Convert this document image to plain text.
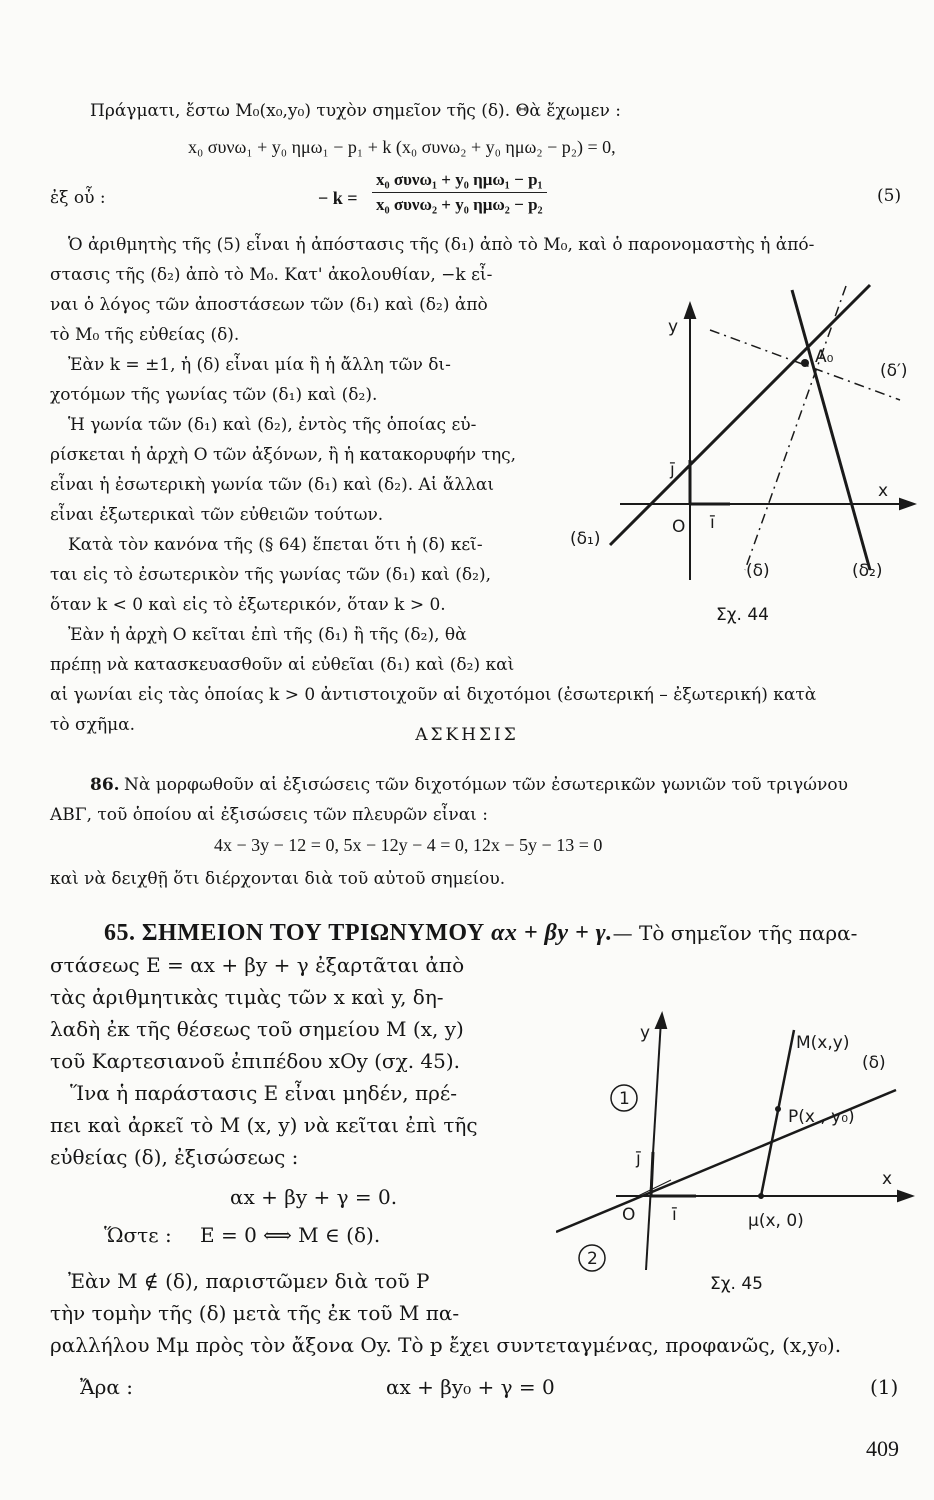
Πράγματι, ἔστω M₀(x₀,y₀) τυχὸν σημεῖον τῆς (δ). Θὰ ἔχωμεν :
x₀ συνω₁ + y₀ ημω₁ − p₁ + k (x₀ συνω₂ + y₀ ημω₂ − p₂) = 0,
ἐξ οὗ :	− k =
x₀ συνω₁ + y₀ ημω₁ − p₁
x₀ συνω₂ + y₀ ημω₂ − p₂	(5)
Ὁ ἀριθμητὴς τῆς (5) εἶναι ἡ ἀπόστασις τῆς (δ₁) ἀπὸ τὸ M₀, καὶ ὁ παρονομαστὴς ἡ ἀπό-
στασις τῆς (δ₂) ἀπὸ τὸ M₀. Κατ' ἀκολουθίαν, −k εἶ-
ναι ὁ λόγος τῶν ἀποστάσεων τῶν (δ₁) καὶ (δ₂) ἀπὸ
τὸ M₀ τῆς εὐθείας (δ).
Ἐὰν k = ±1, ἡ (δ) εἶναι μία ἢ ἡ ἄλλη τῶν δι-
χοτόμων τῆς γωνίας τῶν (δ₁) καὶ (δ₂).
Ἡ γωνία τῶν (δ₁) καὶ (δ₂), ἐντὸς τῆς ὁποίας εὑ-
ρίσκεται ἡ ἀρχὴ O τῶν ἀξόνων, ἢ ἡ κατακορυφήν της,
εἶναι ἡ ἐσωτερικὴ γωνία τῶν (δ₁) καὶ (δ₂). Αἱ ἄλλαι
εἶναι ἐξωτερικαὶ τῶν εὐθειῶν τούτων.
Κατὰ τὸν κανόνα τῆς (§ 64) ἕπεται ὅτι ἡ (δ) κεῖ-
ται εἰς τὸ ἐσωτερικὸν τῆς γωνίας τῶν (δ₁) καὶ (δ₂),
ὅταν k < 0 καὶ εἰς τὸ ἐξωτερικόν, ὅταν k > 0.
Ἐὰν ἡ ἀρχὴ O κεῖται ἐπὶ τῆς (δ₁) ἢ τῆς (δ₂), θὰ
πρέπῃ νὰ κατασκευασθοῦν αἱ εὐθεῖαι (δ₁) καὶ (δ₂) καὶ
αἱ γωνίαι εἰς τὰς ὁποίας k > 0 ἀντιστοιχοῦν αἱ διχοτόμοι (ἐσωτερική – ἐξωτερική) κατὰ
τὸ σχῆμα.
y
x
O ī
j̄
A₀
(δ′)
(δ₁)
(δ₂)
(δ)
Σχ. 44
ΑΣΚΗΣΙΣ
86. Νὰ μορφωθοῦν αἱ ἐξισώσεις τῶν διχοτόμων τῶν ἐσωτερικῶν γωνιῶν τοῦ τριγώνου
ΑΒΓ, τοῦ ὁποίου αἱ ἐξισώσεις τῶν πλευρῶν εἶναι :
4x − 3y − 12 = 0, 5x − 12y − 4 = 0, 12x − 5y − 13 = 0
καὶ νὰ δειχθῇ ὅτι διέρχονται διὰ τοῦ αὐτοῦ σημείου.
65. ΣΗΜΕΙΟΝ ΤΟΥ ΤΡΙΩΝΥΜΟΥ αx + βy + γ.— Τὸ σημεῖον τῆς παρα-
στάσεως E = αx + βy + γ ἐξαρτᾶται ἀπὸ
τὰς ἀριθμητικὰς τιμὰς τῶν x καὶ y, δη-
λαδὴ ἐκ τῆς θέσεως τοῦ σημείου M (x, y)
τοῦ Καρτεσιανοῦ ἐπιπέδου xOy (σχ. 45).
Ἵνα ἡ παράστασις E εἶναι μηδέν, πρέ-
πει καὶ ἀρκεῖ τὸ M (x, y) νὰ κεῖται ἐπὶ τῆς
εὐθείας (δ), ἐξισώσεως :
αx + βy + γ = 0.
Ὥστε : E = 0 ⟺ M ∈ (δ).
Ἐὰν M ∉ (δ), παριστῶμεν διὰ τοῦ P
τὴν τομὴν τῆς (δ) μετὰ τῆς ἐκ τοῦ M πα-
ραλλήλου Mμ πρὸς τὸν ἄξονα Oy. Τὸ p ἔχει συντεταγμένας, προφανῶς, (x,y₀).
Ἄρα :	αx + βy₀ + γ = 0	(1)
y
x
O ī
j̄
M(x,y)
P(x , y₀)
μ(x, 0)
(δ)
1
2
Σχ. 45
409
